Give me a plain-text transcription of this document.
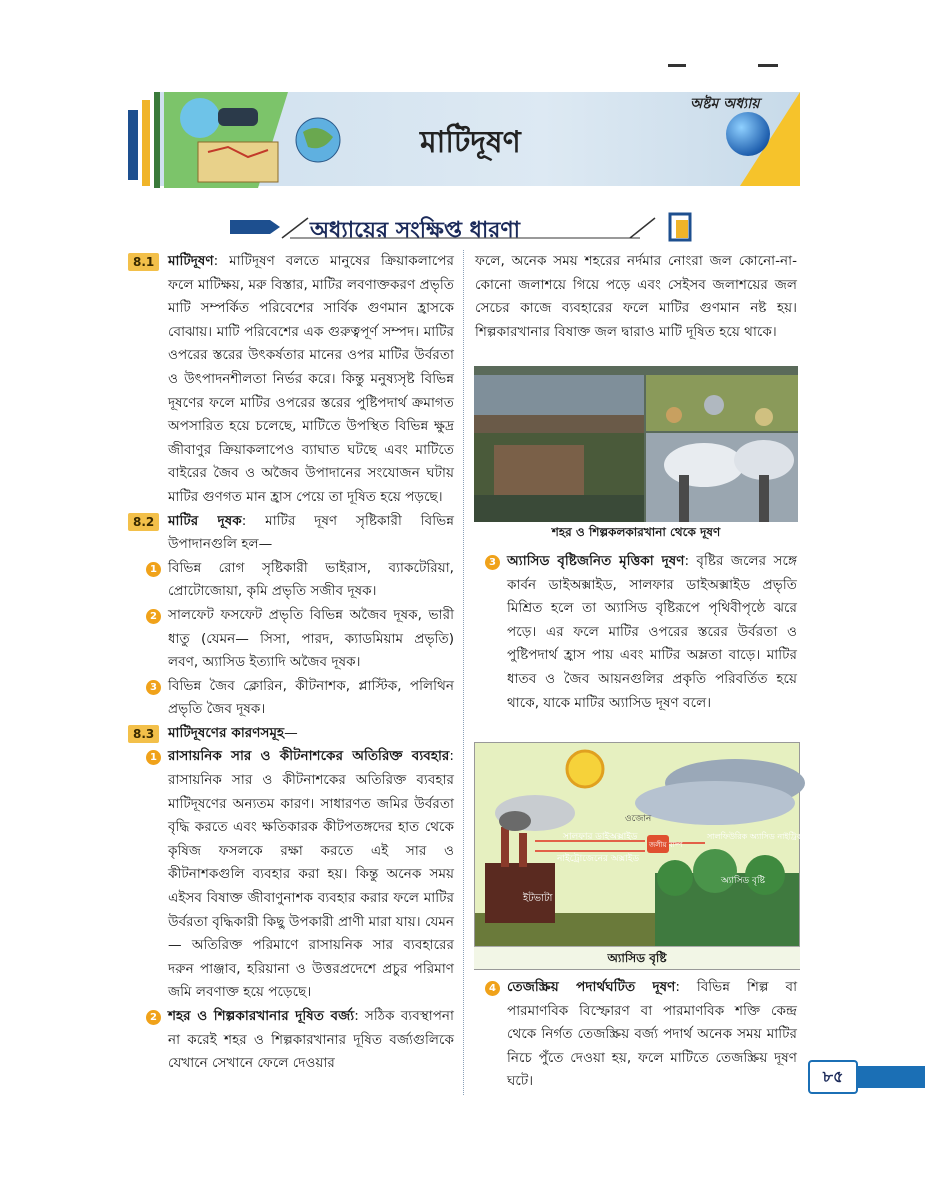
অষ্টম অধ্যায়
মাটিদূষণ
অধ্যায়ের সংক্ষিপ্ত ধারণা
8.1	মাটিদূষণ: মাটিদূষণ বলতে মানুষের ক্রিয়াকলাপের ফলে মাটিক্ষয়, মরু বিস্তার, মাটির লবণাক্তকরণ প্রভৃতি মাটি সম্পর্কিত পরিবেশের সার্বিক গুণমান হ্রাসকে বোঝায়। মাটি পরিবেশের এক গুরুত্বপূর্ণ সম্পদ। মাটির ওপরের স্তরের উৎকর্ষতার মানের ওপর মাটির উর্বরতা ও উৎপাদনশীলতা নির্ভর করে। কিন্তু মনুষ্যসৃষ্ট বিভিন্ন দূষণের ফলে মাটির ওপরের স্তরের পুষ্টিপদার্থ ক্রমাগত অপসারিত হয়ে চলেছে, মাটিতে উপস্থিত বিভিন্ন ক্ষুদ্র জীবাণুর ক্রিয়াকলাপেও ব্যাঘাত ঘটছে এবং মাটিতে বাইরের জৈব ও অজৈব উপাদানের সংযোজন ঘটায় মাটির গুণগত মান হ্রাস পেয়ে তা দূষিত হয়ে পড়ছে।
8.2	মাটির দূষক: মাটির দূষণ সৃষ্টিকারী বিভিন্ন উপাদানগুলি হল—
1 বিভিন্ন রোগ সৃষ্টিকারী ভাইরাস, ব্যাকটেরিয়া, প্রোটোজোয়া, কৃমি প্রভৃতি সজীব দূষক।
2 সালফেট ফসফেট প্রভৃতি বিভিন্ন অজৈব দূষক, ভারী ধাতু (যেমন— সিসা, পারদ, ক্যাডমিয়াম প্রভৃতি) লবণ, অ্যাসিড ইত্যাদি অজৈব দূষক।
3 বিভিন্ন জৈব ক্লোরিন, কীটনাশক, প্লাস্টিক, পলিথিন প্রভৃতি জৈব দূষক।
8.3	মাটিদূষণের কারণসমূহ—
1 রাসায়নিক সার ও কীটনাশকের অতিরিক্ত ব্যবহার: রাসায়নিক সার ও কীটনাশকের অতিরিক্ত ব্যবহার মাটিদূষণের অন্যতম কারণ। সাধারণত জমির উর্বরতা বৃদ্ধি করতে এবং ক্ষতিকারক কীটপতঙ্গদের হাত থেকে কৃষিজ ফসলকে রক্ষা করতে এই সার ও কীটনাশকগুলি ব্যবহার করা হয়। কিন্তু অনেক সময় এইসব বিষাক্ত জীবাণুনাশক ব্যবহার করার ফলে মাটির উর্বরতা বৃদ্ধিকারী কিছু উপকারী প্রাণী মারা যায়। যেমন— অতিরিক্ত পরিমাণে রাসায়নিক সার ব্যবহারের দরুন পাঞ্জাব, হরিয়ানা ও উত্তরপ্রদেশে প্রচুর পরিমাণ জমি লবণাক্ত হয়ে পড়েছে।
2 শহর ও শিল্পকারখানার দূষিত বর্জ্য: সঠিক ব্যবস্থাপনা না করেই শহর ও শিল্পকারখানার দূষিত বর্জ্যগুলিকে যেখানে সেখানে ফেলে দেওয়ার
ফলে, অনেক সময় শহরের নর্দমার নোংরা জল কোনো-না-কোনো জলাশয়ে গিয়ে পড়ে এবং সেইসব জলাশয়ের জল সেচের কাজে ব্যবহারের ফলে মাটির গুণমান নষ্ট হয়। শিল্পকারখানার বিষাক্ত জল দ্বারাও মাটি দূষিত হয়ে থাকে।
শহর ও শিল্পকলকারখানা থেকে দূষণ
3 অ্যাসিড বৃষ্টিজনিত মৃত্তিকা দূষণ: বৃষ্টির জলের সঙ্গে কার্বন ডাইঅক্সাইড, সালফার ডাইঅক্সাইড প্রভৃতি মিশ্রিত হলে তা অ্যাসিড বৃষ্টিরূপে পৃথিবীপৃষ্ঠে ঝরে পড়ে। এর ফলে মাটির ওপরের স্তরের উর্বরতা ও পুষ্টিপদার্থ হ্রাস পায় এবং মাটির অম্লতা বাড়ে। মাটির ধাতব ও জৈব আয়নগুলির প্রকৃতি পরিবর্তিত হয়ে থাকে, যাকে মাটির অ্যাসিড দূষণ বলে।
ওজোন
সালফার ডাইঅক্সাইড
নাইট্রোজেনের অক্সাইড
জলীয় বাষ্প
সালফিউরিক অ্যাসিড নাইট্রিক অ্যাসিড
অ্যাসিড বৃষ্টি
ইটভাটা
অ্যাসিড বৃষ্টি
4 তেজস্ক্রিয় পদার্থঘটিত দূষণ: বিভিন্ন শিল্প বা পারমাণবিক বিস্ফোরণ বা পারমাণবিক শক্তি কেন্দ্র থেকে নির্গত তেজস্ক্রিয় বর্জ্য পদার্থ অনেক সময় মাটির নিচে পুঁতে দেওয়া হয়, ফলে মাটিতে তেজস্ক্রিয় দূষণ ঘটে।	৮৫
